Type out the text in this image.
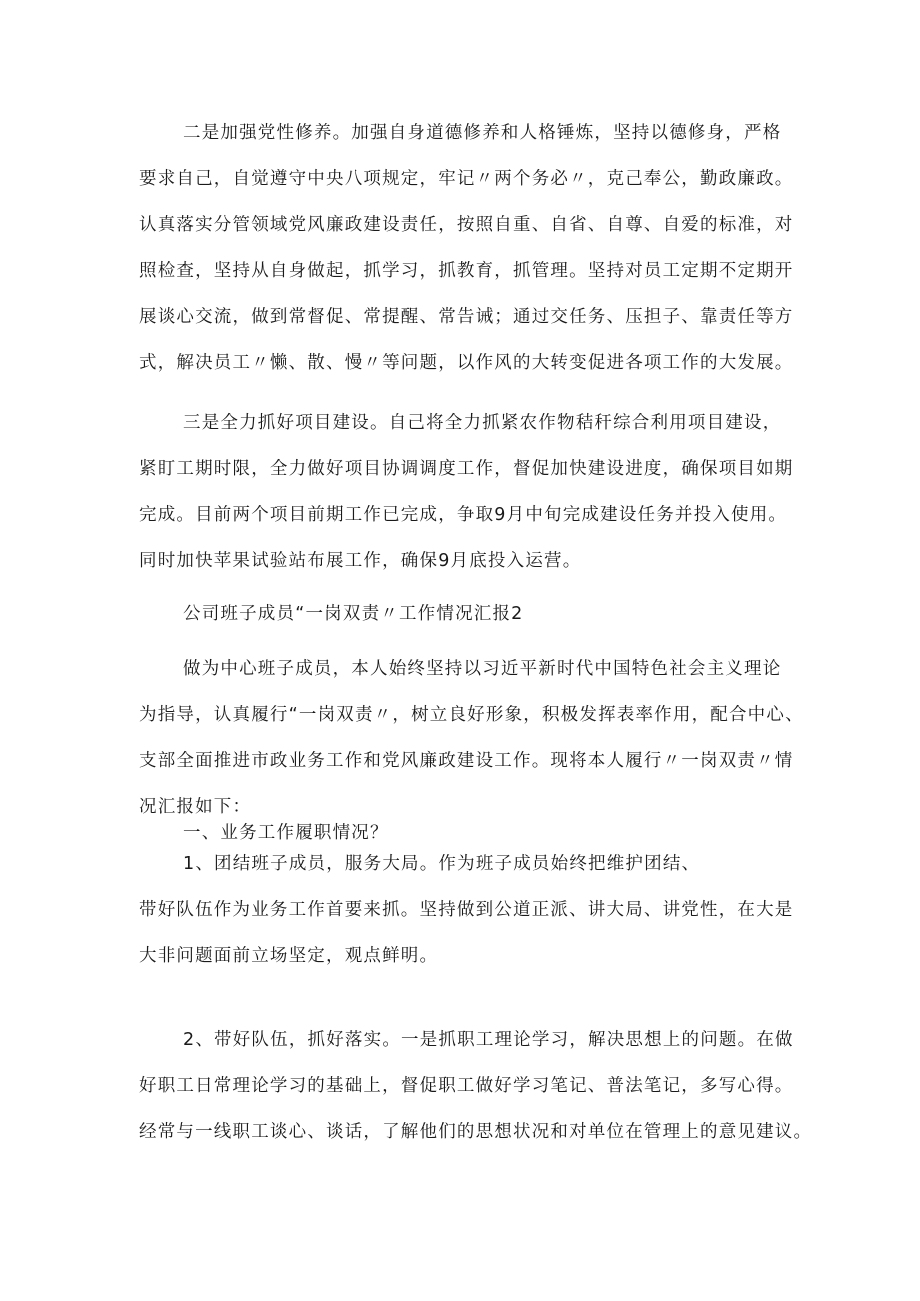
二是加强党性修养。加强自身道德修养和人格锤炼，坚持以德修身，严格
要求自己，自觉遵守中央八项规定，牢记〃两个务必〃，克己奉公，勤政廉政。
认真落实分管领域党风廉政建设责任，按照自重、自省、自尊、自爱的标准，对
照检查，坚持从自身做起，抓学习，抓教育，抓管理。坚持对员工定期不定期开
展谈心交流，做到常督促、常提醒、常告诫；通过交任务、压担子、靠责任等方
式，解决员工〃懒、散、慢〃等问题，以作风的大转变促进各项工作的大发展。

三是全力抓好项目建设。自己将全力抓紧农作物秸秆综合利用项目建设，
紧盯工期时限，全力做好项目协调调度工作，督促加快建设进度，确保项目如期
完成。目前两个项目前期工作已完成，争取9月中旬完成建设任务并投入使用。
同时加快苹果试验站布展工作，确保9月底投入运营。

公司班子成员“一岗双责〃工作情况汇报2

做为中心班子成员，本人始终坚持以习近平新时代中国特色社会主义理论
为指导，认真履行“一岗双责〃，树立良好形象，积极发挥表率作用，配合中心、
支部全面推进市政业务工作和党风廉政建设工作。现将本人履行〃一岗双责〃情
况汇报如下：

一、业务工作履职情况？

1、团结班子成员，服务大局。作为班子成员始终把维护团结、
带好队伍作为业务工作首要来抓。坚持做到公道正派、讲大局、讲党性，在大是
大非问题面前立场坚定，观点鲜明。

2、带好队伍，抓好落实。一是抓职工理论学习，解决思想上的问题。在做
好职工日常理论学习的基础上，督促职工做好学习笔记、普法笔记，多写心得。
经常与一线职工谈心、谈话，了解他们的思想状况和对单位在管理上的意见建议。
